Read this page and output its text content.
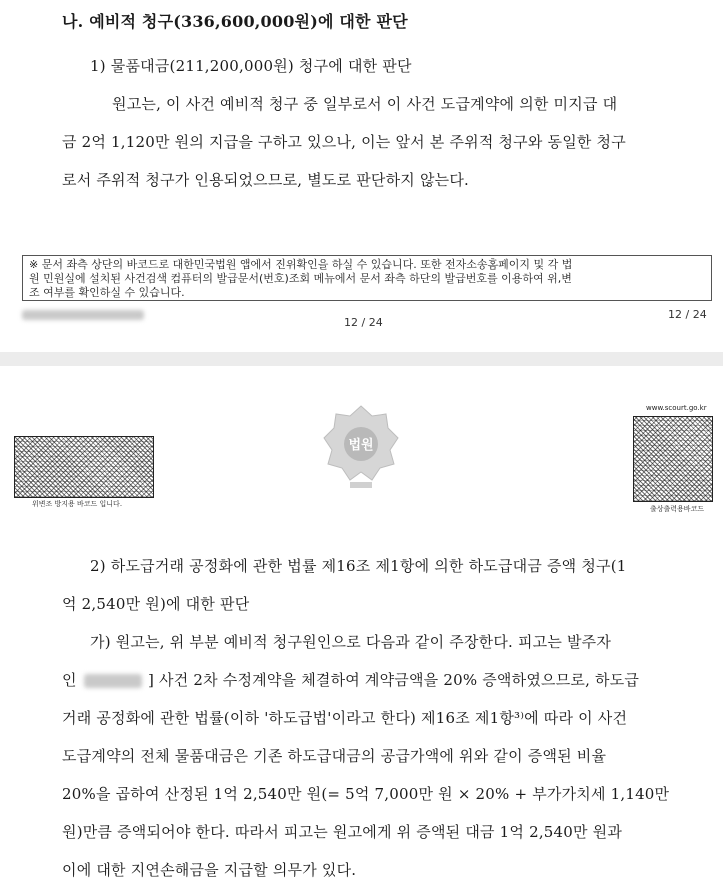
나. 예비적 청구(336,600,000원)에 대한 판단
1) 물품대금(211,200,000원) 청구에 대한 판단
원고는, 이 사건 예비적 청구 중 일부로서 이 사건 도급계약에 의한 미지급 대
금 2억 1,120만 원의 지급을 구하고 있으나, 이는 앞서 본 주위적 청구와 동일한 청구
로서 주위적 청구가 인용되었으므로, 별도로 판단하지 않는다.
※ 문서 좌측 상단의 바코드로 대한민국법원 앱에서 진위확인을 하실 수 있습니다. 또한 전자소송홈페이지 및 각 법
원 민원실에 설치된 사건검색 컴퓨터의 발급문서(번호)조회 메뉴에서 문서 좌측 하단의 발급번호를 이용하여 위,변
조 여부를 확인하실 수 있습니다.
12 / 24
12 / 24
위변조 방지용 바코드 입니다.
법원
www.scourt.go.kr
출상출력용바코드
2) 하도급거래 공정화에 관한 법률 제16조 제1항에 의한 하도급대금 증액 청구(1
억 2,540만 원)에 대한 판단
가) 원고는, 위 부분 예비적 청구원인으로 다음과 같이 주장한다. 피고는 발주자
인	] 사건 2차 수정계약을 체결하여 계약금액을 20% 증액하였으므로, 하도급
거래 공정화에 관한 법률(이하 '하도급법'이라고 한다) 제16조 제1항³⁾에 따라 이 사건
도급계약의 전체 물품대금은 기존 하도급대금의 공급가액에 위와 같이 증액된 비율
20%을 곱하여 산정된 1억 2,540만 원(= 5억 7,000만 원 × 20% + 부가가치세 1,140만
원)만큼 증액되어야 한다. 따라서 피고는 원고에게 위 증액된 대금 1억 2,540만 원과
이에 대한 지연손해금을 지급할 의무가 있다.
